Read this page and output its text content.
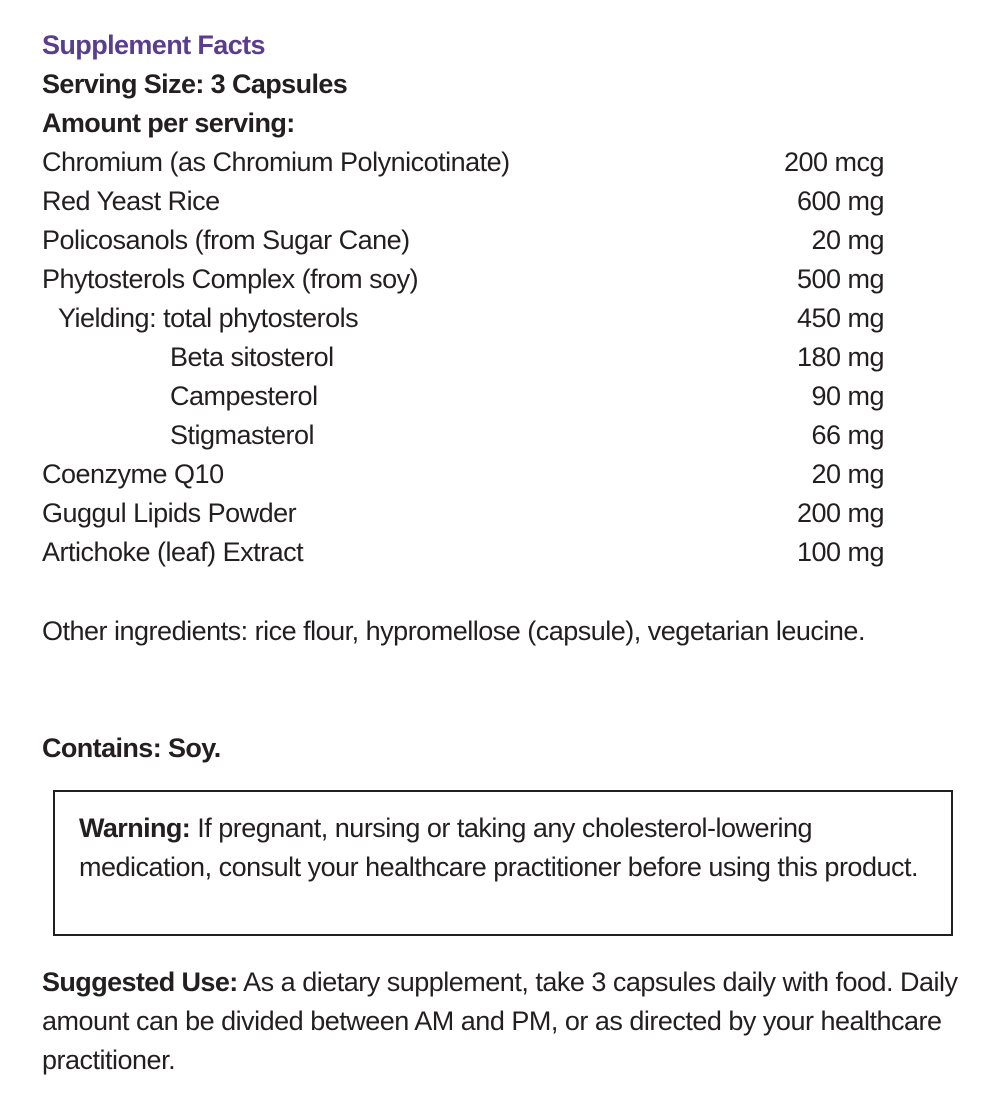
Supplement Facts
Serving Size: 3 Capsules
Amount per serving:
Chromium (as Chromium Polynicotinate)	200 mcg
Red Yeast Rice	600 mg
Policosanols (from Sugar Cane)	20 mg
Phytosterols Complex (from soy)	500 mg
Yielding: total phytosterols	450 mg
Beta sitosterol	180 mg
Campesterol	90 mg
Stigmasterol	66 mg
Coenzyme Q10	20 mg
Guggul Lipids Powder	200 mg
Artichoke (leaf) Extract	100 mg
Other ingredients: rice flour, hypromellose (capsule), vegetarian leucine.
Contains: Soy.
Warning: If pregnant, nursing or taking any cholesterol-lowering medication, consult your healthcare practitioner before using this product.
Suggested Use: As a dietary supplement, take 3 capsules daily with food. Daily amount can be divided between AM and PM, or as directed by your healthcare practitioner.
